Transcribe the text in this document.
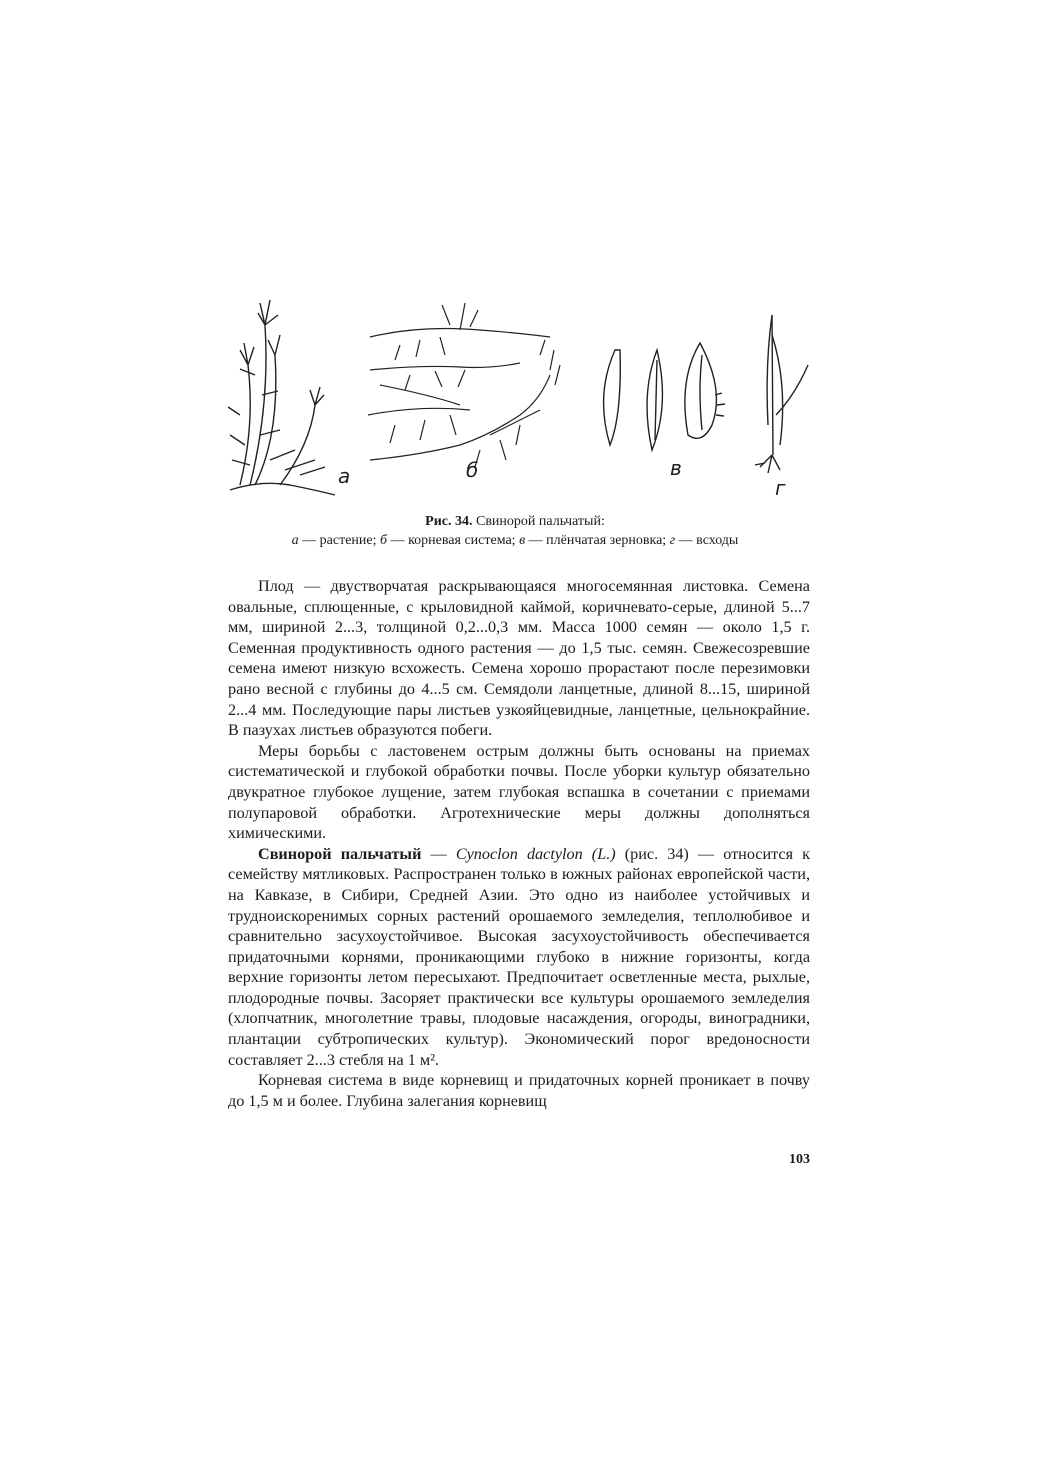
а	б	в
г
Рис. 34. Свинорой пальчатый:
а — растение; б — корневая система; в — плёнчатая зерновка; г — всходы

Плод — двустворчатая раскрывающаяся многосемянная листовка. Семена овальные, сплющенные, с крыловидной каймой, коричневато-серые, длиной 5...7 мм, шириной 2...3, толщиной 0,2...0,3 мм. Масса 1000 семян — около 1,5 г. Семенная продуктивность одного растения — до 1,5 тыс. семян. Свежесозревшие семена имеют низкую всхожесть. Семена хорошо прорастают после перезимовки рано весной с глубины до 4...5 см. Семядоли ланцетные, длиной 8...15, шириной 2...4 мм. Последующие пары листьев узкояйцевидные, ланцетные, цельнокрайние. В пазухах листьев образуются побеги.

Меры борьбы с ластовенем острым должны быть основаны на приемах систематической и глубокой обработки почвы. После уборки культур обязательно двукратное глубокое лущение, затем глубокая вспашка в сочетании с приемами полупаровой обработки. Агротехнические меры должны дополняться химическими.

Свинорой пальчатый — Cynoclon dactylon (L.) (рис. 34) — относится к семейству мятликовых. Распространен только в южных районах европейской части, на Кавказе, в Сибири, Средней Азии. Это одно из наиболее устойчивых и трудноискоренимых сорных растений орошаемого земледелия, теплолюбивое и сравнительно засухоустойчивое. Высокая засухоустойчивость обеспечивается придаточными корнями, проникающими глубоко в нижние горизонты, когда верхние горизонты летом пересыхают. Предпочитает осветленные места, рыхлые, плодородные почвы. Засоряет практически все культуры орошаемого земледелия (хлопчатник, многолетние травы, плодовые насаждения, огороды, виноградники, плантации субтропических культур). Экономический порог вредоносности составляет 2...3 стебля на 1 м².

Корневая система в виде корневищ и придаточных корней проникает в почву до 1,5 м и более. Глубина залегания корневищ

103
